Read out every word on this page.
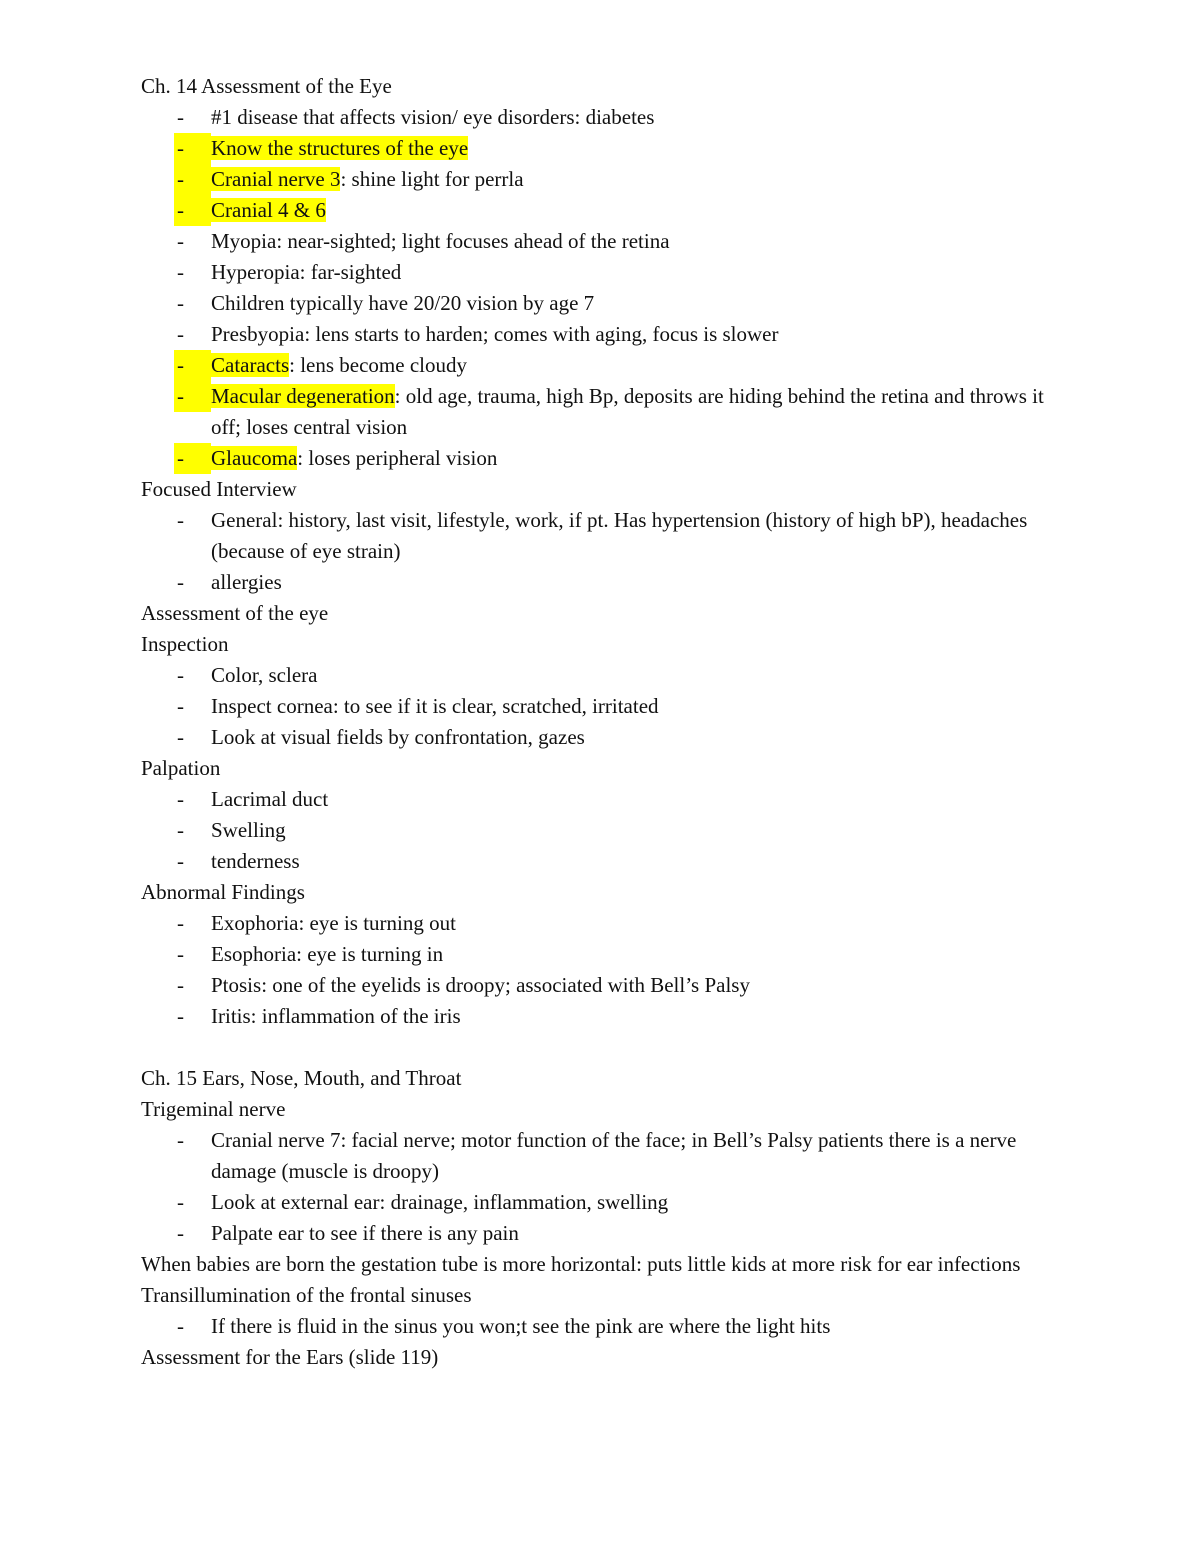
Ch. 14 Assessment of the Eye
- #1 disease that affects vision/ eye disorders: diabetes
-	Know the structures of the eye
-	Cranial nerve 3: shine light for perrla
-	Cranial 4 & 6
- Myopia: near-sighted; light focuses ahead of the retina
- Hyperopia: far-sighted
- Children typically have 20/20 vision by age 7
- Presbyopia: lens starts to harden; comes with aging, focus is slower
-	Cataracts: lens become cloudy
-	Macular degeneration: old age, trauma, high Bp, deposits are hiding behind the retina and throws it off; loses central vision
-	Glaucoma: loses peripheral vision
Focused Interview
- General: history, last visit, lifestyle, work, if pt. Has hypertension (history of high bP), headaches (because of eye strain)
- allergies
Assessment of the eye
Inspection
- Color, sclera
- Inspect cornea: to see if it is clear, scratched, irritated
- Look at visual fields by confrontation, gazes
Palpation
- Lacrimal duct
- Swelling
- tenderness
Abnormal Findings
- Exophoria: eye is turning out
- Esophoria: eye is turning in
- Ptosis: one of the eyelids is droopy; associated with Bell’s Palsy
- Iritis: inflammation of the iris
Ch. 15 Ears, Nose, Mouth, and Throat
Trigeminal nerve
- Cranial nerve 7: facial nerve; motor function of the face; in Bell’s Palsy patients there is a nerve damage (muscle is droopy)
- Look at external ear: drainage, inflammation, swelling
- Palpate ear to see if there is any pain
When babies are born the gestation tube is more horizontal: puts little kids at more risk for ear infections
Transillumination of the frontal sinuses
- If there is fluid in the sinus you won;t see the pink are where the light hits
Assessment for the Ears (slide 119)
